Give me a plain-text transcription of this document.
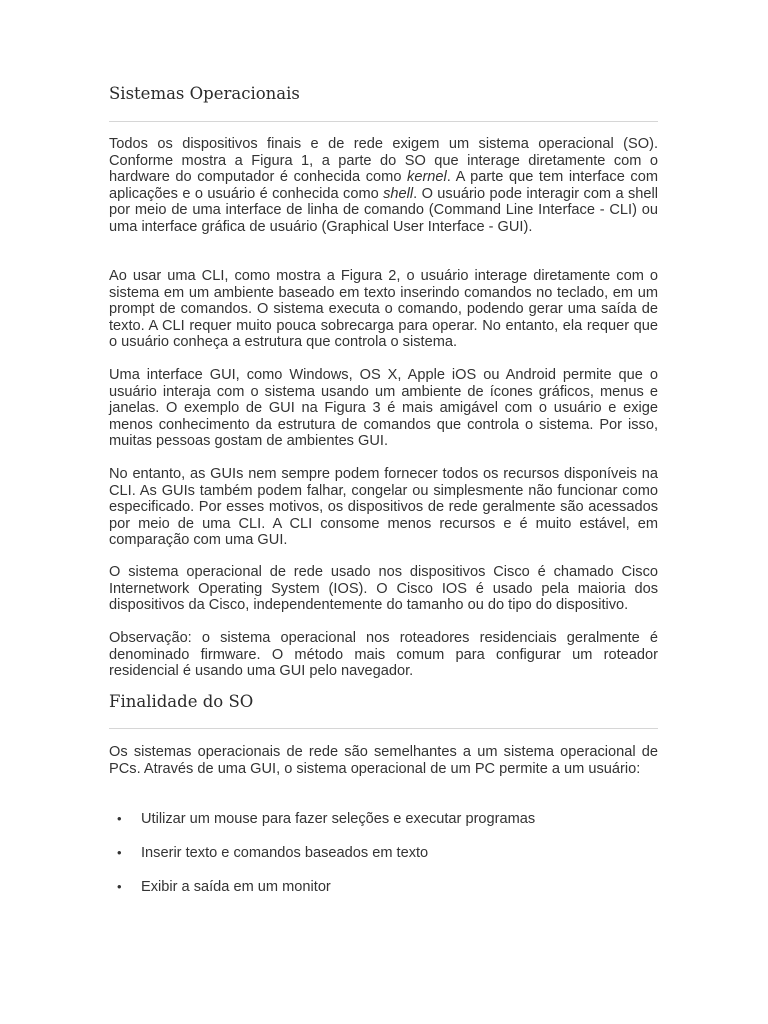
Sistemas Operacionais

Todos os dispositivos finais e de rede exigem um sistema operacional (SO). Conforme mostra a Figura 1, a parte do SO que interage diretamente com o hardware do computador é conhecida como kernel. A parte que tem interface com aplicações e o usuário é conhecida como shell. O usuário pode interagir com a shell por meio de uma interface de linha de comando (Command Line Interface - CLI) ou uma interface gráfica de usuário (Graphical User Interface - GUI).

Ao usar uma CLI, como mostra a Figura 2, o usuário interage diretamente com o sistema em um ambiente baseado em texto inserindo comandos no teclado, em um prompt de comandos. O sistema executa o comando, podendo gerar uma saída de texto. A CLI requer muito pouca sobrecarga para operar. No entanto, ela requer que o usuário conheça a estrutura que controla o sistema.

Uma interface GUI, como Windows, OS X, Apple iOS ou Android permite que o usuário interaja com o sistema usando um ambiente de ícones gráficos, menus e janelas. O exemplo de GUI na Figura 3 é mais amigável com o usuário e exige menos conhecimento da estrutura de comandos que controla o sistema. Por isso, muitas pessoas gostam de ambientes GUI.

No entanto, as GUIs nem sempre podem fornecer todos os recursos disponíveis na CLI. As GUIs também podem falhar, congelar ou simplesmente não funcionar como especificado. Por esses motivos, os dispositivos de rede geralmente são acessados por meio de uma CLI. A CLI consome menos recursos e é muito estável, em comparação com uma GUI.

O sistema operacional de rede usado nos dispositivos Cisco é chamado Cisco Internetwork Operating System (IOS). O Cisco IOS é usado pela maioria dos dispositivos da Cisco, independentemente do tamanho ou do tipo do dispositivo.

Observação: o sistema operacional nos roteadores residenciais geralmente é denominado firmware. O método mais comum para configurar um roteador residencial é usando uma GUI pelo navegador.

Finalidade do SO

Os sistemas operacionais de rede são semelhantes a um sistema operacional de PCs. Através de uma GUI, o sistema operacional de um PC permite a um usuário:

• Utilizar um mouse para fazer seleções e executar programas
• Inserir texto e comandos baseados em texto
• Exibir a saída em um monitor
